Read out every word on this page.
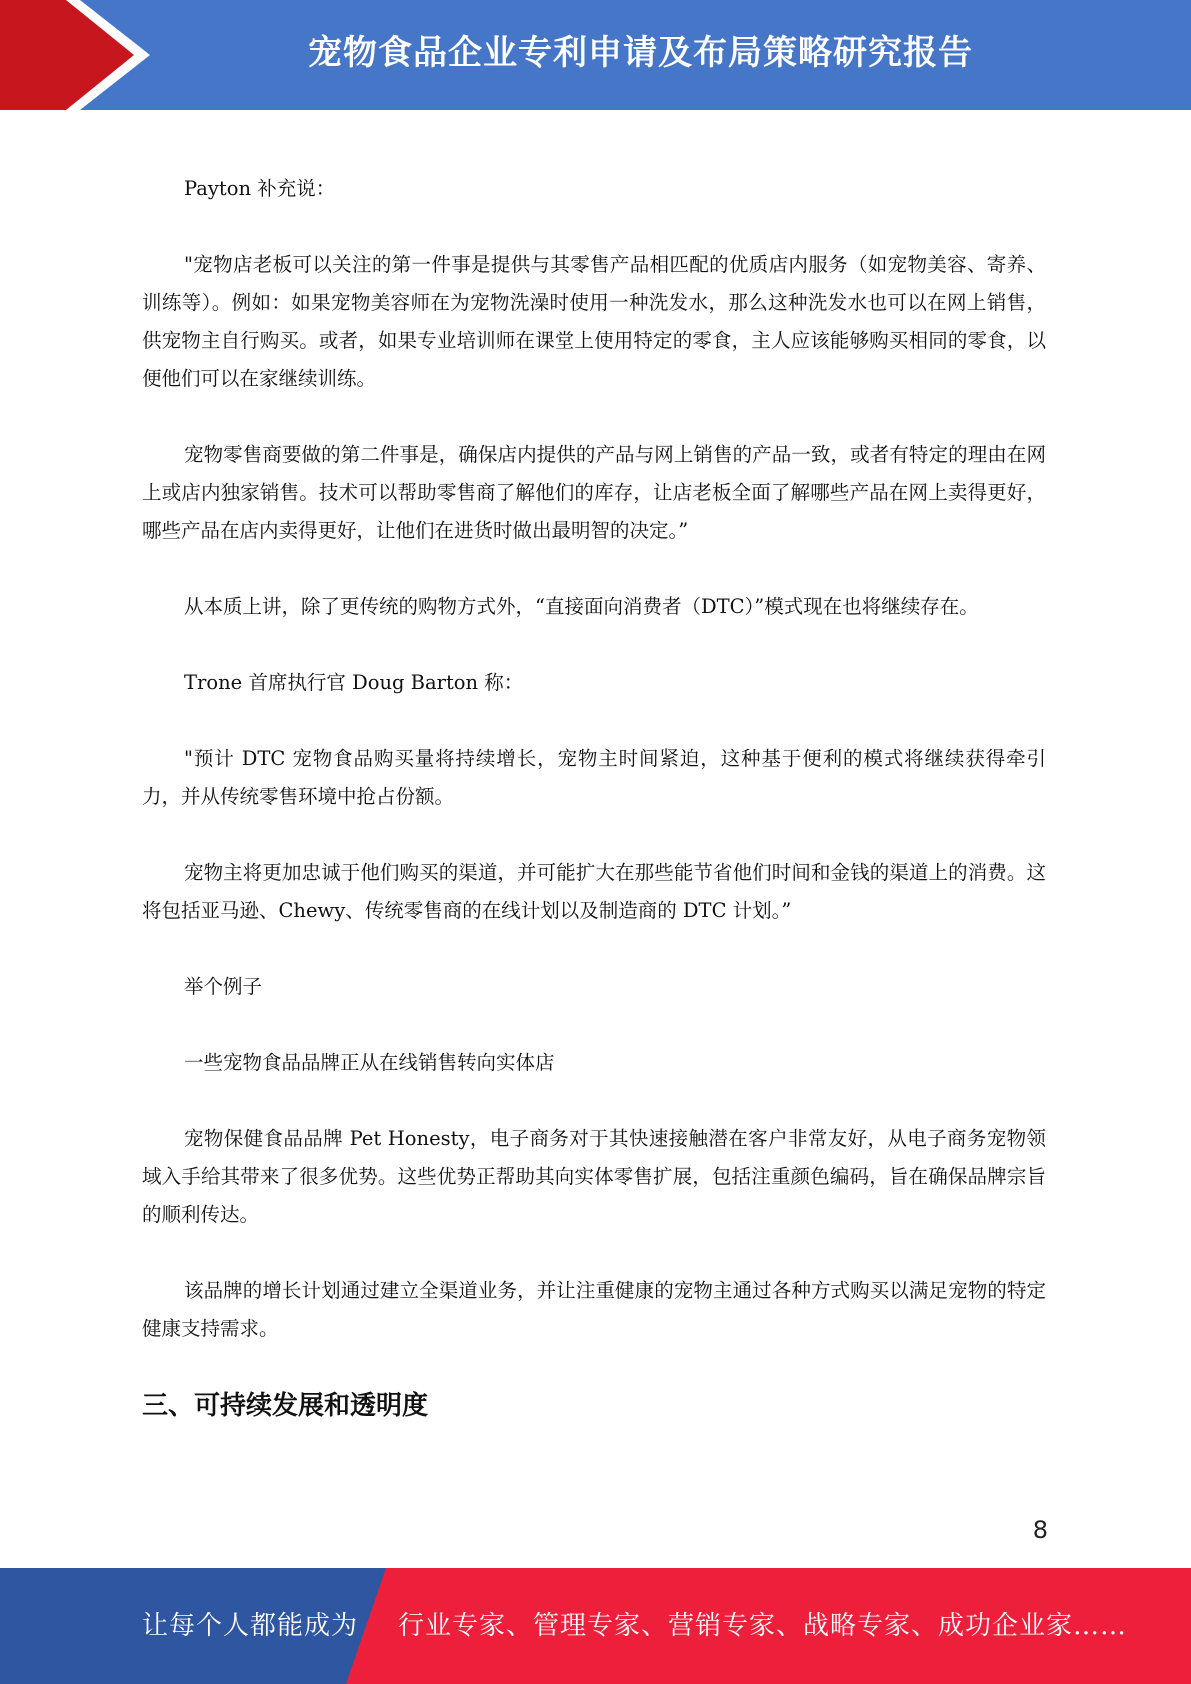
宠物食品企业专利申请及布局策略研究报告

Payton 补充说：

"宠物店老板可以关注的第一件事是提供与其零售产品相匹配的优质店内服务（如宠物美容、寄养、训练等）。例如：如果宠物美容师在为宠物洗澡时使用一种洗发水，那么这种洗发水也可以在网上销售，供宠物主自行购买。或者，如果专业培训师在课堂上使用特定的零食，主人应该能够购买相同的零食，以便他们可以在家继续训练。

宠物零售商要做的第二件事是，确保店内提供的产品与网上销售的产品一致，或者有特定的理由在网上或店内独家销售。技术可以帮助零售商了解他们的库存，让店老板全面了解哪些产品在网上卖得更好，哪些产品在店内卖得更好，让他们在进货时做出最明智的决定。”

从本质上讲，除了更传统的购物方式外，“直接面向消费者（DTC）”模式现在也将继续存在。

Trone 首席执行官 Doug Barton 称：

"预计 DTC 宠物食品购买量将持续增长，宠物主时间紧迫，这种基于便利的模式将继续获得牵引力，并从传统零售环境中抢占份额。

宠物主将更加忠诚于他们购买的渠道，并可能扩大在那些能节省他们时间和金钱的渠道上的消费。这将包括亚马逊、Chewy、传统零售商的在线计划以及制造商的 DTC 计划。”

举个例子

一些宠物食品品牌正从在线销售转向实体店

宠物保健食品品牌 Pet Honesty，电子商务对于其快速接触潜在客户非常友好，从电子商务宠物领域入手给其带来了很多优势。这些优势正帮助其向实体零售扩展，包括注重颜色编码，旨在确保品牌宗旨的顺利传达。

该品牌的增长计划通过建立全渠道业务，并让注重健康的宠物主通过各种方式购买以满足宠物的特定健康支持需求。

三、可持续发展和透明度
8
让每个人都能成为 行业专家、管理专家、营销专家、战略专家、成功企业家……
